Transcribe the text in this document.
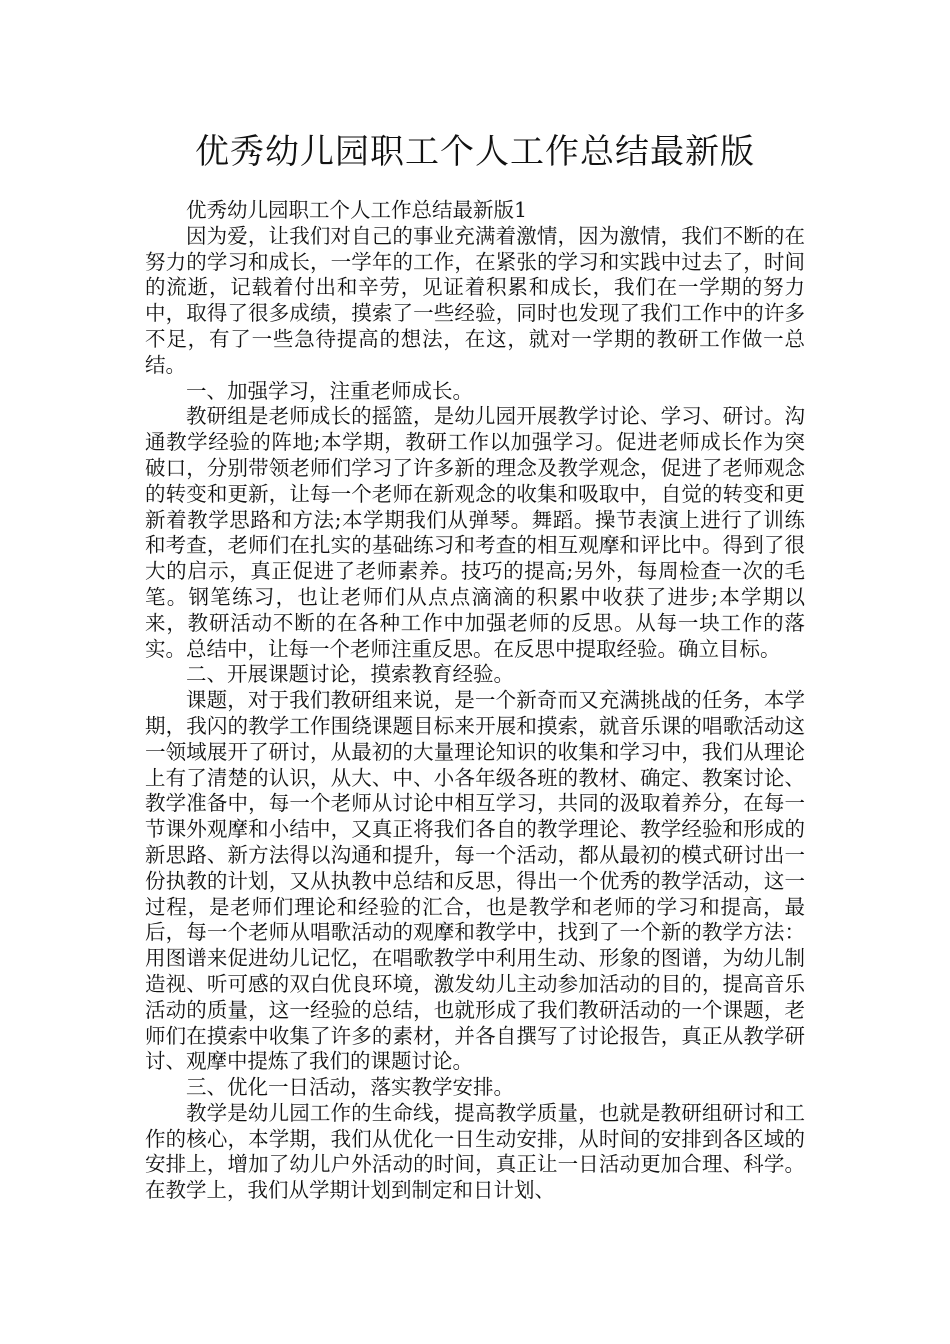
优秀幼儿园职工个人工作总结最新版

优秀幼儿园职工个人工作总结最新版1

因为爱，让我们对自己的事业充满着激情，因为激情，我们不断的在努力的学习和成长，一学年的工作，在紧张的学习和实践中过去了，时间的流逝，记载着付出和辛劳，见证着积累和成长，我们在一学期的努力中，取得了很多成绩，摸索了一些经验，同时也发现了我们工作中的许多不足，有了一些急待提高的想法，在这，就对一学期的教研工作做一总结。

一、加强学习，注重老师成长。

教研组是老师成长的摇篮，是幼儿园开展教学讨论、学习、研讨。沟通教学经验的阵地;本学期，教研工作以加强学习。促进老师成长作为突破口，分别带领老师们学习了许多新的理念及教学观念，促进了老师观念的转变和更新，让每一个老师在新观念的收集和吸取中，自觉的转变和更新着教学思路和方法;本学期我们从弹琴。舞蹈。操节表演上进行了训练和考查，老师们在扎实的基础练习和考查的相互观摩和评比中。得到了很大的启示，真正促进了老师素养。技巧的提高;另外，每周检查一次的毛笔。钢笔练习，也让老师们从点点滴滴的积累中收获了进步;本学期以来，教研活动不断的在各种工作中加强老师的反思。从每一块工作的落实。总结中，让每一个老师注重反思。在反思中提取经验。确立目标。

二、开展课题讨论，摸索教育经验。

课题，对于我们教研组来说，是一个新奇而又充满挑战的任务，本学期，我闪的教学工作围绕课题目标来开展和摸索，就音乐课的唱歌活动这一领域展开了研讨，从最初的大量理论知识的收集和学习中，我们从理论上有了清楚的认识，从大、中、小各年级各班的教材、确定、教案讨论、教学准备中，每一个老师从讨论中相互学习，共同的汲取着养分，在每一节课外观摩和小结中，又真正将我们各自的教学理论、教学经验和形成的新思路、新方法得以沟通和提升，每一个活动，都从最初的模式研讨出一份执教的计划，又从执教中总结和反思，得出一个优秀的教学活动，这一过程，是老师们理论和经验的汇合，也是教学和老师的学习和提高，最后，每一个老师从唱歌活动的观摩和教学中，找到了一个新的教学方法：用图谱来促进幼儿记忆，在唱歌教学中利用生动、形象的图谱，为幼儿制造视、听可感的双白优良环境，激发幼儿主动参加活动的目的，提高音乐活动的质量，这一经验的总结，也就形成了我们教研活动的一个课题，老师们在摸索中收集了许多的素材，并各自撰写了讨论报告，真正从教学研讨、观摩中提炼了我们的课题讨论。

三、优化一日活动，落实教学安排。

教学是幼儿园工作的生命线，提高教学质量，也就是教研组研讨和工作的核心，本学期，我们从优化一日生动安排，从时间的安排到各区域的安排上，增加了幼儿户外活动的时间，真正让一日活动更加合理、科学。在教学上，我们从学期计划到制定和日计划、
